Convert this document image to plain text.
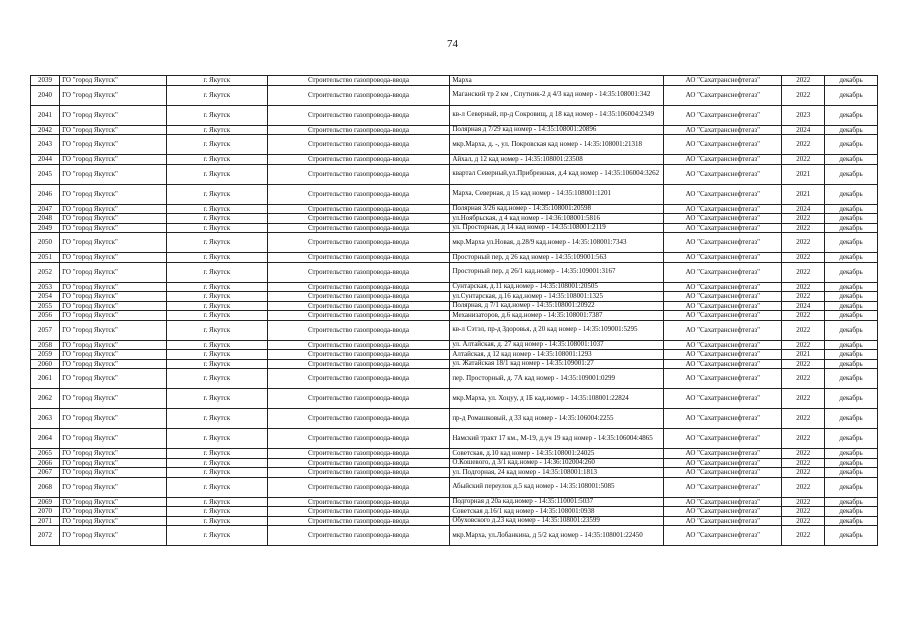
74
2039	ГО "город Якутск"	г. Якутск	Строительство газопровода-ввода	Мархa	АО "Сахатранснефтегаз"	2022	декабрь
2040	ГО "город Якутск"	г. Якутск	Строительство газопровода-ввода	Маганский тр 2 км , Спутник-2 д 4/3 кад номер - 14:35:108001:342	АО "Сахатранснефтегаз"	2022	декабрь
2041	ГО "город Якутск"	г. Якутск	Строительство газопровода-ввода	кв-л Северный, пр-д Сокровищ, д 18 кад номер - 14:35:106004:2349	АО "Сахатранснефтегаз"	2023	декабрь
2042	ГО "город Якутск"	г. Якутск	Строительство газопровода-ввода	Полярная д 7/29 кад номер - 14:35:108001:20896	АО "Сахатранснефтегаз"	2024	декабрь
2043	ГО "город Якутск"	г. Якутск	Строительство газопровода-ввода	мкр.Марха, д. -, ул. Покровская кад номер - 14:35:108001:21318	АО "Сахатранснефтегаз"	2022	декабрь
2044	ГО "город Якутск"	г. Якутск	Строительство газопровода-ввода	Айхал, д 12 кад номер - 14:35:108001:23508	АО "Сахатранснефтегаз"	2022	декабрь
2045	ГО "город Якутск"	г. Якутск	Строительство газопровода-ввода	квартал Северный,ул.Прибрежная, д.4 кад номер - 14:35:106004:3262	АО "Сахатранснефтегаз"	2021	декабрь
2046	ГО "город Якутск"	г. Якутск	Строительство газопровода-ввода	Марха, Северная, д 15 кад номер - 14:35:108001:1201	АО "Сахатранснефтегаз"	2021	декабрь
2047	ГО "город Якутск"	г. Якутск	Строительство газопровода-ввода	Полярная 3/26 кад.номер - 14:35:108001:20598	АО "Сахатранснефтегаз"	2024	декабрь
2048	ГО "город Якутск"	г. Якутск	Строительство газопровода-ввода	ул.Ноябрьская, д 4 кад номер - 14:36:108001:5816	АО "Сахатранснефтегаз"	2022	декабрь
2049	ГО "город Якутск"	г. Якутск	Строительство газопровода-ввода	ул. Просторная, д 14 кад номер - 14:35:108001:2119	АО "Сахатранснефтегаз"	2022	декабрь
2050	ГО "город Якутск"	г. Якутск	Строительство газопровода-ввода	мкр.Марха ул.Новая, д.28/9 кад.номер - 14:35:108001:7343	АО "Сахатранснефтегаз"	2022	декабрь
2051	ГО "город Якутск"	г. Якутск	Строительство газопровода-ввода	Просторный пер, д 26 кад номер - 14:35:109001:563	АО "Сахатранснефтегаз"	2022	декабрь
2052	ГО "город Якутск"	г. Якутск	Строительство газопровода-ввода	Просторный пер, д 26/1 кад.номер - 14:35:109001:3167	АО "Сахатранснефтегаз"	2022	декабрь
2053	ГО "город Якутск"	г. Якутск	Строительство газопровода-ввода	Сунтарская, д.11 кад.номер - 14:35:108001:20505	АО "Сахатранснефтегаз"	2022	декабрь
2054	ГО "город Якутск"	г. Якутск	Строительство газопровода-ввода	ул.Сунтарская, д.16 кад.номер - 14:35:108001:1325	АО "Сахатранснефтегаз"	2022	декабрь
2055	ГО "город Якутск"	г. Якутск	Строительство газопровода-ввода	Полярная, д 7/1 кад.номер - 14:35:108001:20922	АО "Сахатранснефтегаз"	2024	декабрь
2056	ГО "город Якутск"	г. Якутск	Строительство газопровода-ввода	Механизаторов, д.6 кад.номер - 14:35:108001:7387	АО "Сахатранснефтегаз"	2022	декабрь
2057	ГО "город Якутск"	г. Якутск	Строительство газопровода-ввода	кв-л Сэтэл, пр-д Здоровья, д 20 кад номер - 14:35:109001:5295	АО "Сахатранснефтегаз"	2022	декабрь
2058	ГО "город Якутск"	г. Якутск	Строительство газопровода-ввода	ул. Алтайская, д. 27 кад номер - 14:35:108001:1037	АО "Сахатранснефтегаз"	2022	декабрь
2059	ГО "город Якутск"	г. Якутск	Строительство газопровода-ввода	Алтайская, д 12 кад номер - 14:35:108001:1293	АО "Сахатранснефтегаз"	2021	декабрь
2060	ГО "город Якутск"	г. Якутск	Строительство газопровода-ввода	ул. Жатайская 18/1 кад номер - 14:35:109001:27	АО "Сахатранснефтегаз"	2022	декабрь
2061	ГО "город Якутск"	г. Якутск	Строительство газопровода-ввода	пер. Просторный, д. 7А кад номер - 14:35:109001:0299	АО "Сахатранснефтегаз"	2022	декабрь
2062	ГО "город Якутск"	г. Якутск	Строительство газопровода-ввода	мкр.Марха, ул. Хоцуу, д 1Б кад.номер - 14:35:108001:22824	АО "Сахатранснефтегаз"	2022	декабрь
2063	ГО "город Якутск"	г. Якутск	Строительство газопровода-ввода	пр-д Ромашковый, д 33 кад номер - 14:35:106004:2255	АО "Сахатранснефтегаз"	2022	декабрь
2064	ГО "город Якутск"	г. Якутск	Строительство газопровода-ввода	Намский тракт 17 км., М-19, д.уч 19 кад номер - 14:35:106004:4865	АО "Сахатранснефтегаз"	2022	декабрь
2065	ГО "город Якутск"	г. Якутск	Строительство газопровода-ввода	Советская, д.10 кад номер - 14:35:108001:24025	АО "Сахатранснефтегаз"	2022	декабрь
2066	ГО "город Якутск"	г. Якутск	Строительство газопровода-ввода	О.Кошевого, д 3/1 кад.номер - 14:36:102004:260	АО "Сахатранснефтегаз"	2022	декабрь
2067	ГО "город Якутск"	г. Якутск	Строительство газопровода-ввода	ул. Подгорная, 24 кад номер - 14:35:108001:1813	АО "Сахатранснефтегаз"	2022	декабрь
2068	ГО "город Якутск"	г. Якутск	Строительство газопровода-ввода	Абыйский переулок д.5 кад номер - 14:35:108001:5085	АО "Сахатранснефтегаз"	2022	декабрь
2069	ГО "город Якутск"	г. Якутск	Строительство газопровода-ввода	Подгорная д 20а кад.номер - 14:35:110001:5037	АО "Сахатранснефтегаз"	2022	декабрь
2070	ГО "город Якутск"	г. Якутск	Строительство газопровода-ввода	Советская д.16/1 кад номер - 14:35:108001:0938	АО "Сахатранснефтегаз"	2022	декабрь
2071	ГО "город Якутск"	г. Якутск	Строительство газопровода-ввода	Обуховского д.23 кад номер - 14:35:108001:23599	АО "Сахатранснефтегаз"	2022	декабрь
2072	ГО "город Якутск"	г. Якутск	Строительство газопровода-ввода	мкр.Марха, ул.Лобанкина, д 5/2 кад номер - 14:35:108001:22450	АО "Сахатранснефтегаз"	2022	декабрь
